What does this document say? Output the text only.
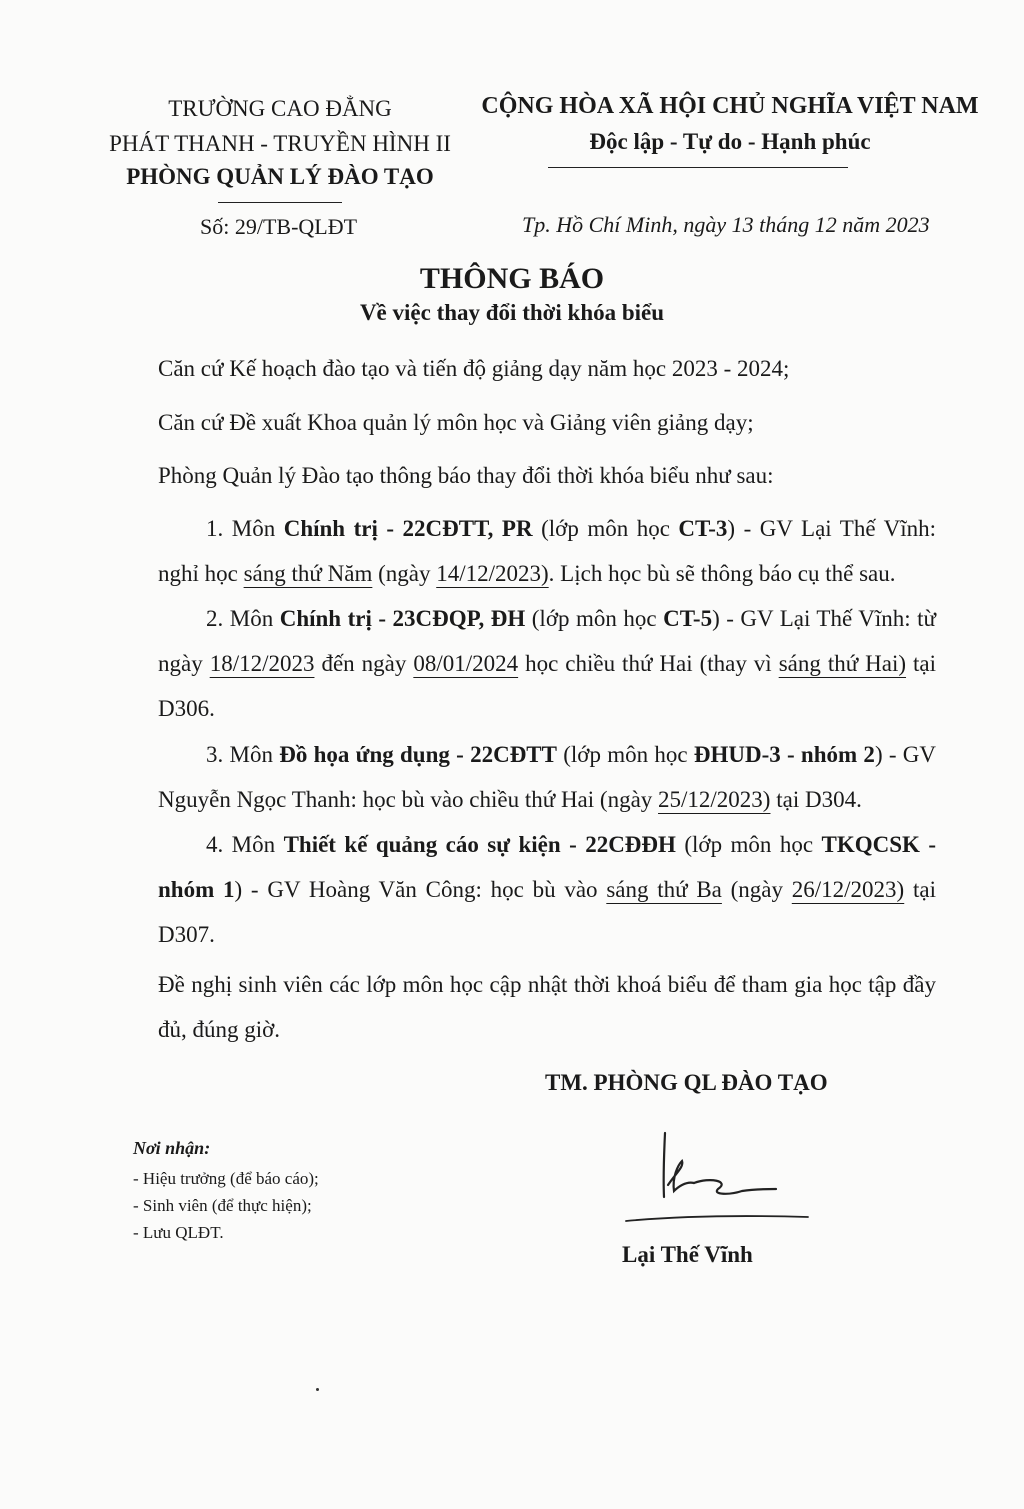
TRƯỜNG CAO ĐẲNG
PHÁT THANH - TRUYỀN HÌNH II
PHÒNG QUẢN LÝ ĐÀO TẠO
CỘNG HÒA XÃ HỘI CHỦ NGHĨA VIỆT NAM
Độc lập - Tự do - Hạnh phúc
Số: 29/TB-QLĐT	Tp. Hồ Chí Minh, ngày 13 tháng 12 năm 2023
THÔNG BÁO
Về việc thay đổi thời khóa biểu
Căn cứ Kế hoạch đào tạo và tiến độ giảng dạy năm học 2023 - 2024;
Căn cứ Đề xuất Khoa quản lý môn học và Giảng viên giảng dạy;
Phòng Quản lý Đào tạo thông báo thay đổi thời khóa biểu như sau:
1. Môn Chính trị - 22CĐTT, PR (lớp môn học CT-3) - GV Lại Thế Vĩnh: nghỉ học sáng thứ Năm (ngày 14/12/2023). Lịch học bù sẽ thông báo cụ thể sau.
2. Môn Chính trị - 23CĐQP, ĐH (lớp môn học CT-5) - GV Lại Thế Vĩnh: từ ngày 18/12/2023 đến ngày 08/01/2024 học chiều thứ Hai (thay vì sáng thứ Hai) tại D306.
3. Môn Đồ họa ứng dụng - 22CĐTT (lớp môn học ĐHUD-3 - nhóm 2) - GV Nguyễn Ngọc Thanh: học bù vào chiều thứ Hai (ngày 25/12/2023) tại D304.
4. Môn Thiết kế quảng cáo sự kiện - 22CĐĐH (lớp môn học TKQCSK - nhóm 1) - GV Hoàng Văn Công: học bù vào sáng thứ Ba (ngày 26/12/2023) tại D307.
Đề nghị sinh viên các lớp môn học cập nhật thời khoá biểu để tham gia học tập đầy đủ, đúng giờ.
TM. PHÒNG QL ĐÀO TẠO
Lại Thế Vĩnh
Nơi nhận:
- Hiệu trưởng (để báo cáo);
- Sinh viên (để thực hiện);
- Lưu QLĐT.
